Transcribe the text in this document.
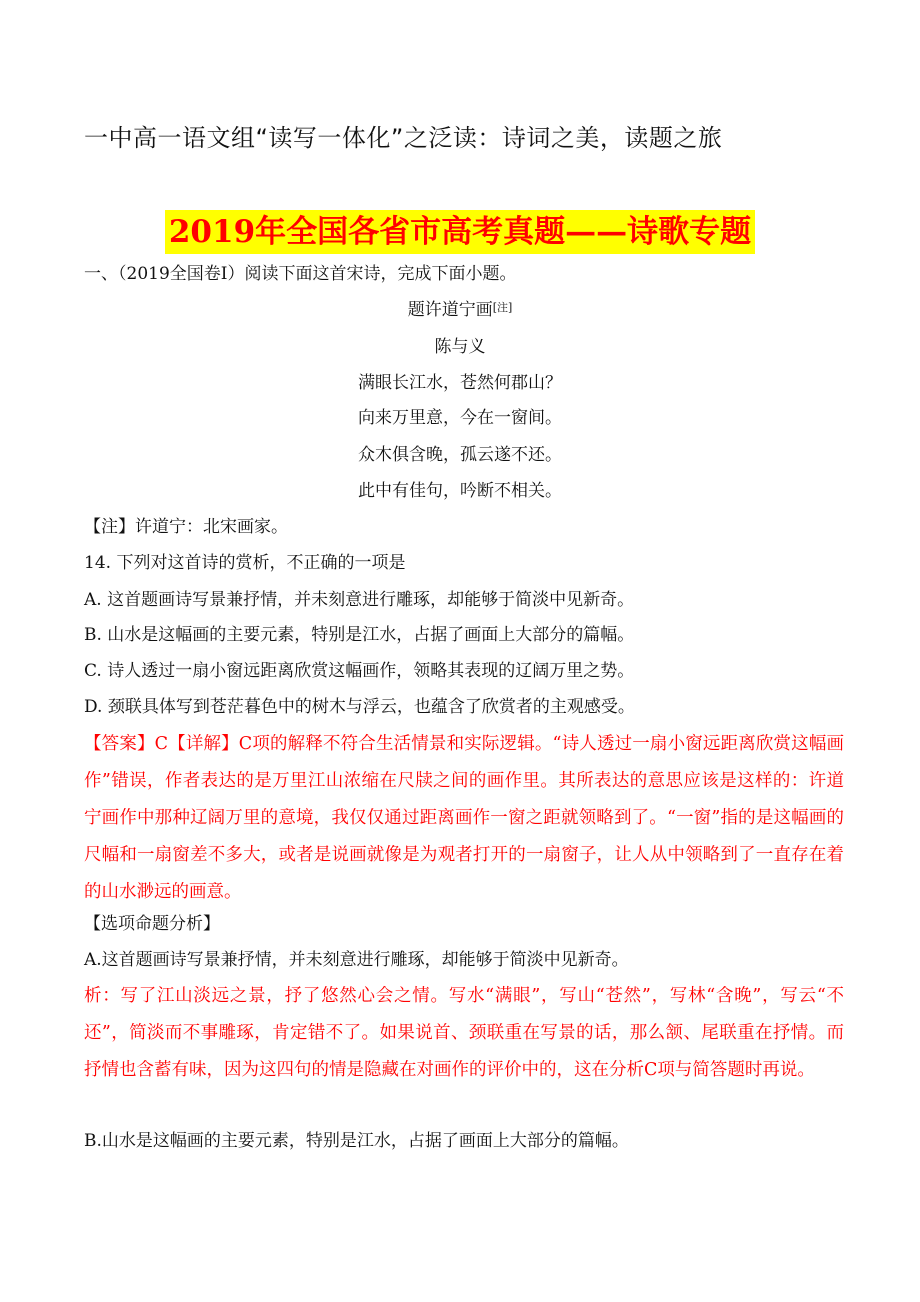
一中高一语文组“读写一体化”之泛读：诗词之美，读题之旅
2019年全国各省市高考真题——诗歌专题
一、（2019全国卷Ⅰ）阅读下面这首宋诗，完成下面小题。
题许道宁画[注]
陈与义
满眼长江水，苍然何郡山？
向来万里意，今在一窗间。
众木俱含晚，孤云遂不还。
此中有佳句，吟断不相关。
【注】许道宁：北宋画家。
14. 下列对这首诗的赏析，不正确的一项是
A. 这首题画诗写景兼抒情，并未刻意进行雕琢，却能够于简淡中见新奇。
B. 山水是这幅画的主要元素，特别是江水，占据了画面上大部分的篇幅。
C. 诗人透过一扇小窗远距离欣赏这幅画作，领略其表现的辽阔万里之势。
D. 颈联具体写到苍茫暮色中的树木与浮云，也蕴含了欣赏者的主观感受。
【答案】C【详解】C项的解释不符合生活情景和实际逻辑。“诗人透过一扇小窗远距离欣赏这幅画作”错误，作者表达的是万里江山浓缩在尺牍之间的画作里。其所表达的意思应该是这样的：许道宁画作中那种辽阔万里的意境，我仅仅通过距离画作一窗之距就领略到了。“一窗”指的是这幅画的尺幅和一扇窗差不多大，或者是说画就像是为观者打开的一扇窗子，让人从中领略到了一直存在着的山水渺远的画意。
【选项命题分析】
A.这首题画诗写景兼抒情，并未刻意进行雕琢，却能够于简淡中见新奇。
析：写了江山淡远之景，抒了悠然心会之情。写水“满眼”，写山“苍然”，写林“含晚”，写云“不还”，简淡而不事雕琢，肯定错不了。如果说首、颈联重在写景的话，那么颔、尾联重在抒情。而抒情也含蓄有味，因为这四句的情是隐藏在对画作的评价中的，这在分析C项与简答题时再说。
B.山水是这幅画的主要元素，特别是江水，占据了画面上大部分的篇幅。
